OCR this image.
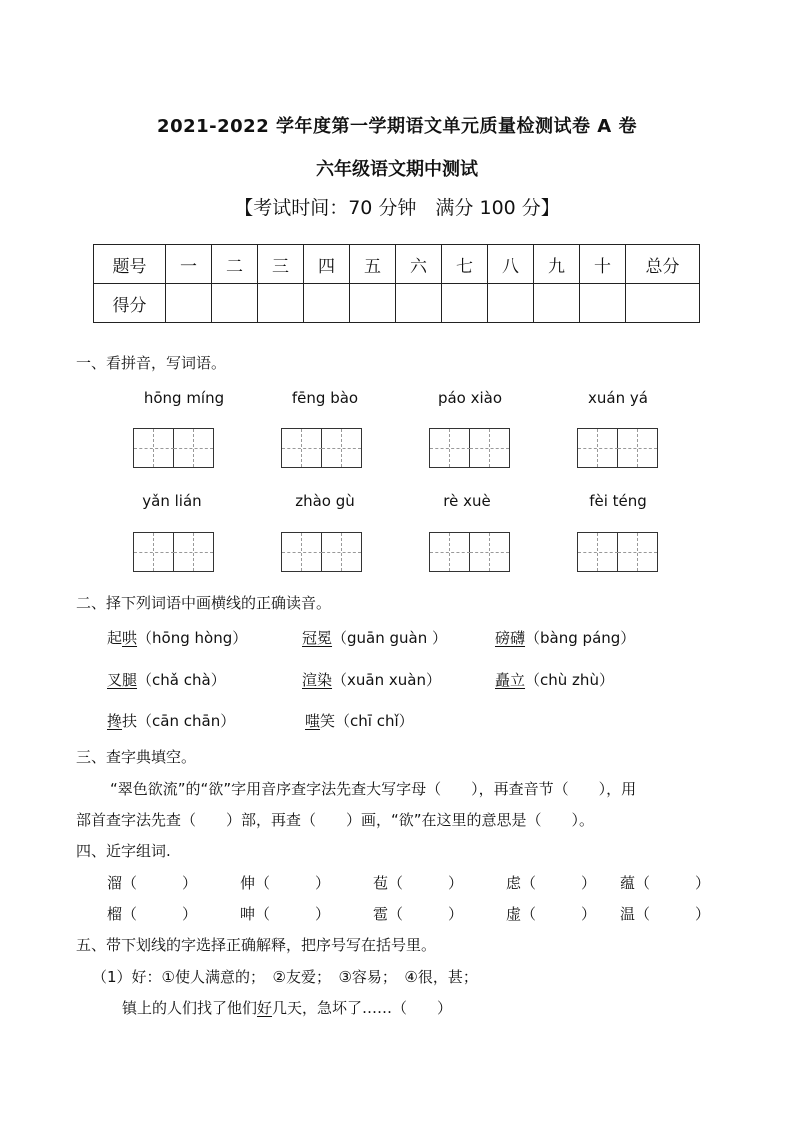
2021-2022 学年度第一学期语文单元质量检测试卷 A 卷
六年级语文期中测试
【考试时间：70 分钟　满分 100 分】
题号	一	二	三	四	五	六	七	八	九	十	总分
得分											
一、看拼音，写词语。
hōng míng	fēng bào	páo xiào	xuán yá
yǎn lián	zhào gù	rè xuè	fèi téng
二、择下列词语中画横线的正确读音。
起哄（hōng hòng）	冠冕（guān guàn ）	磅礴（bàng páng）
叉腿（chǎ chà）	渲染（xuān xuàn）	矗立（chù zhù）
搀扶（cān chān）	嗤笑（chī chǐ）
三、查字典填空。
“翠色欲流”的“欲”字用音序查字法先查大写字母（　　），再查音节（　　），用
部首查字法先查（　　）部，再查（　　）画，“欲”在这里的意思是（　　）。
四、近字组词.
溜（　　　）	伸（　　　）	苞（　　　）	虑（　　　） 蕴（　　　）
榴（　　　）	呻（　　　）	雹（　　　）	虚（　　　） 温（　　　）
五、带下划线的字选择正确解释，把序号写在括号里。
（1）好：①使人满意的；　②友爱；　③容易；　④很，甚；
镇上的人们找了他们好几天，急坏了……（　　）
